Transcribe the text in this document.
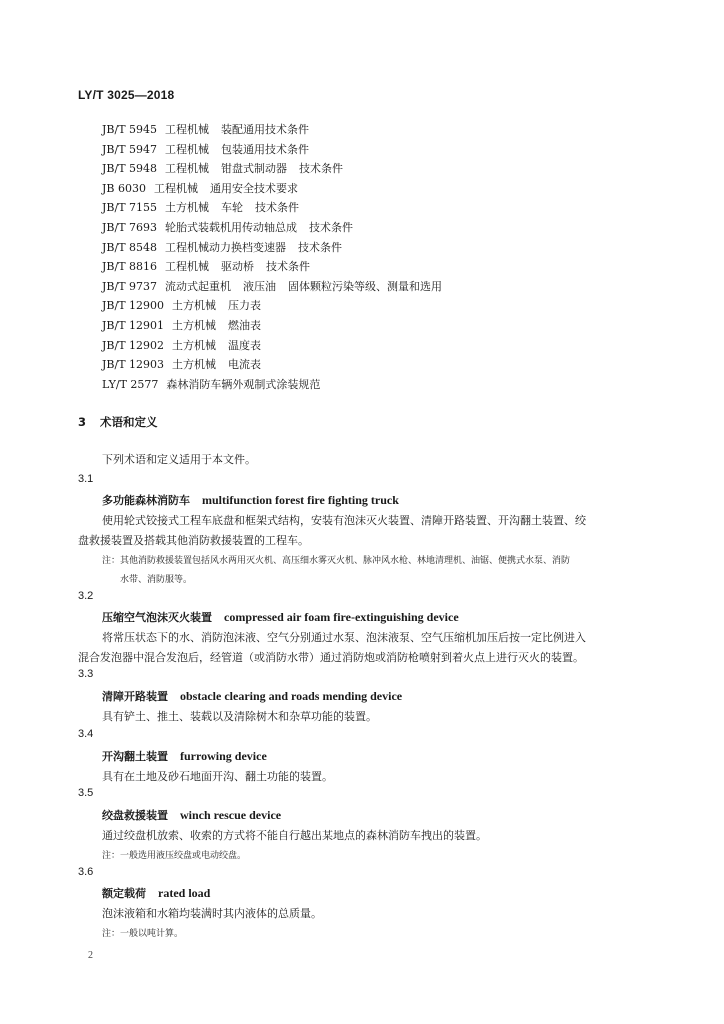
LY/T 3025—2018
JB/T 5945 工程机械 装配通用技术条件
JB/T 5947 工程机械 包装通用技术条件
JB/T 5948 工程机械 钳盘式制动器 技术条件
JB 6030 工程机械 通用安全技术要求
JB/T 7155 土方机械 车轮 技术条件
JB/T 7693 轮胎式装载机用传动轴总成 技术条件
JB/T 8548 工程机械动力换档变速器 技术条件
JB/T 8816 工程机械 驱动桥 技术条件
JB/T 9737 流动式起重机 液压油 固体颗粒污染等级、测量和选用
JB/T 12900 土方机械 压力表
JB/T 12901 土方机械 燃油表
JB/T 12902 土方机械 温度表
JB/T 12903 土方机械 电流表
LY/T 2577 森林消防车辆外观制式涂装规范
3 术语和定义
下列术语和定义适用于本文件。
3.1
多功能森林消防车 multifunction forest fire fighting truck
使用轮式铰接式工程车底盘和框架式结构，安装有泡沫灭火装置、清障开路装置、开沟翻土装置、绞
盘救援装置及搭载其他消防救援装置的工程车。
注：其他消防救援装置包括风水两用灭火机、高压细水雾灭火机、脉冲风水枪、林地清理机、油锯、便携式水泵、消防
水带、消防服等。
3.2
压缩空气泡沫灭火装置 compressed air foam fire-extinguishing device
将常压状态下的水、消防泡沫液、空气分别通过水泵、泡沫液泵、空气压缩机加压后按一定比例进入
混合发泡器中混合发泡后，经管道（或消防水带）通过消防炮或消防枪喷射到着火点上进行灭火的装置。
3.3
清障开路装置 obstacle clearing and roads mending device
具有铲土、推土、装载以及清除树木和杂草功能的装置。
3.4
开沟翻土装置 furrowing device
具有在土地及砂石地面开沟、翻土功能的装置。
3.5
绞盘救援装置 winch rescue device
通过绞盘机放索、收索的方式将不能自行越出某地点的森林消防车拽出的装置。
注：一般选用液压绞盘或电动绞盘。
3.6
额定载荷 rated load
泡沫液箱和水箱均装满时其内液体的总质量。
注：一般以吨计算。
2
